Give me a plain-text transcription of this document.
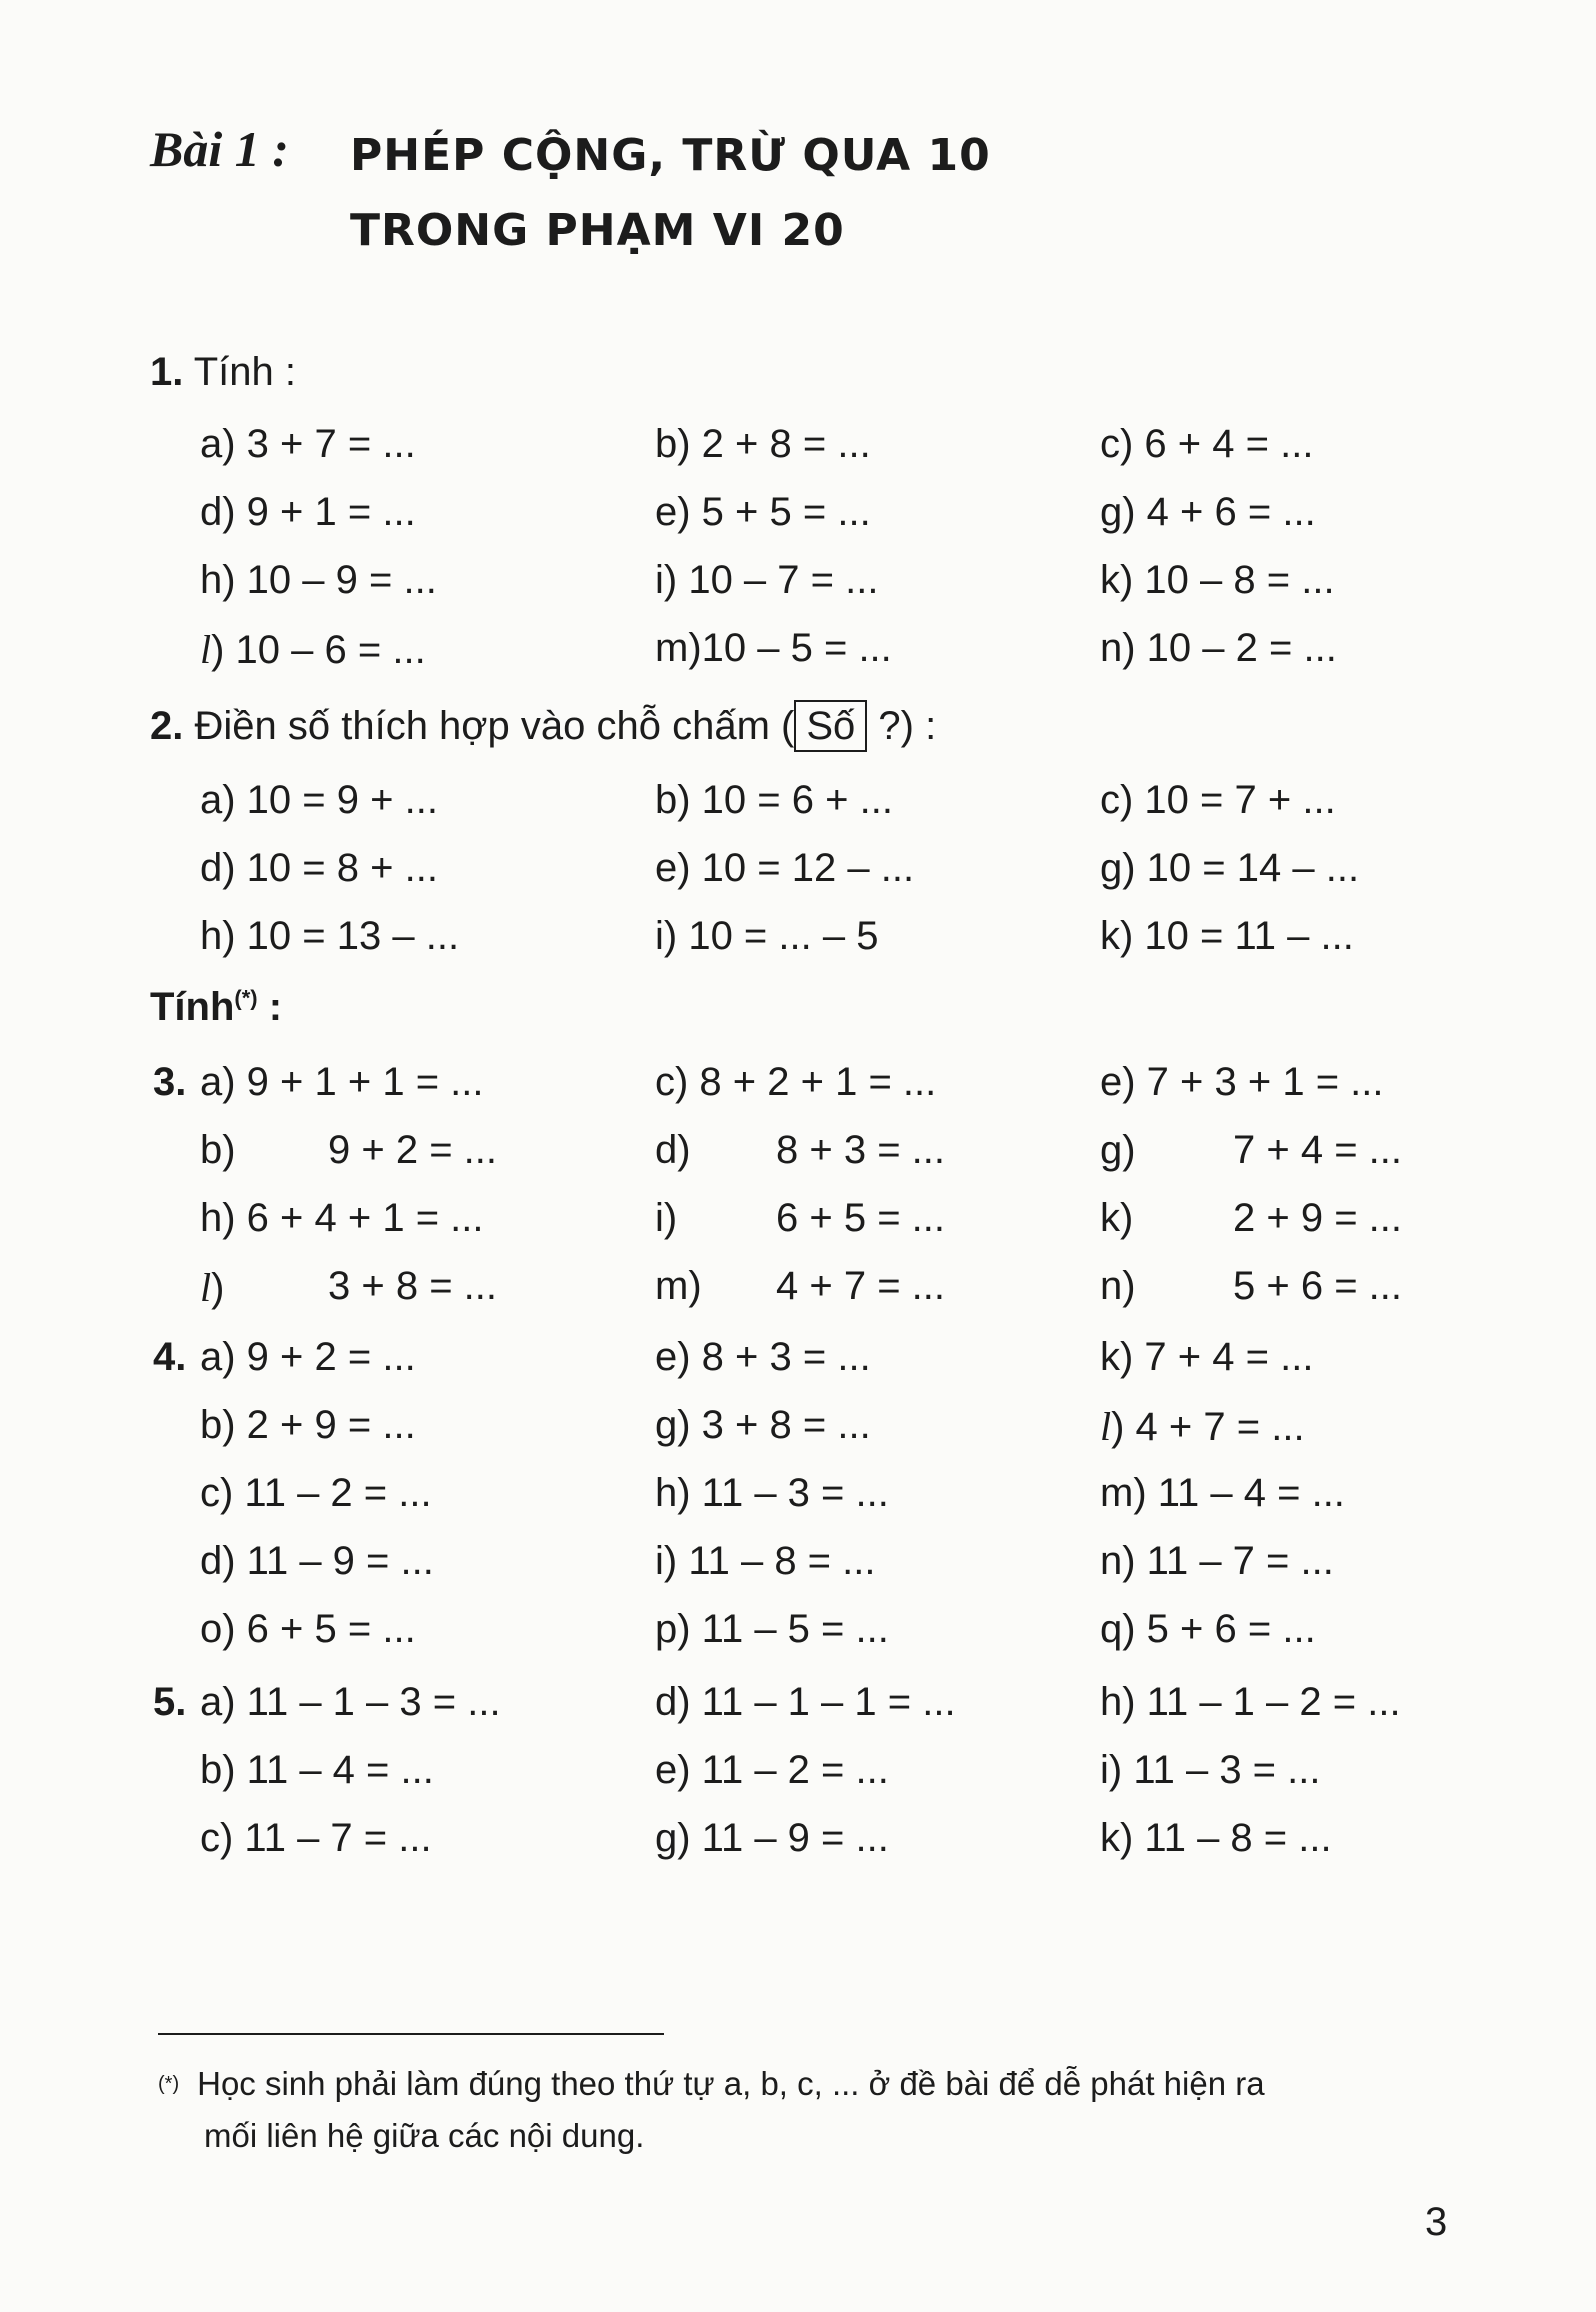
Bài 1 : PHÉP CỘNG, TRỪ QUA 10
TRONG PHẠM VI 20
1. Tính :
a) 3 + 7 = ...	b) 2 + 8 = ...	c) 6 + 4 = ...
d) 9 + 1 = ...	e) 5 + 5 = ...	g) 4 + 6 = ...
h) 10 – 9 = ...	i) 10 – 7 = ...	k) 10 – 8 = ...
l) 10 – 6 = ...	m)10 – 5 = ...	n) 10 – 2 = ...
2. Điền số thích hợp vào chỗ chấm ( Số ?) :
a) 10 = 9 + ...	b) 10 = 6 + ...	c) 10 = 7 + ...
d) 10 = 8 + ...	e) 10 = 12 – ...	g) 10 = 14 – ...
h) 10 = 13 – ...	i) 10 = ... – 5	k) 10 = 11 – ...
Tính(*) :
3. a) 9 + 1 + 1 = ...	c) 8 + 2 + 1 = ...	e) 7 + 3 + 1 = ...
b) 9 + 2 = ...	d) 8 + 3 = ...	g) 7 + 4 = ...
h) 6 + 4 + 1 = ...	i) 6 + 5 = ...	k) 2 + 9 = ...
l)	3 + 8 = ...	m) 4 + 7 = ...	n) 5 + 6 = ...
4. a) 9 + 2 = ...	e) 8 + 3 = ...	k) 7 + 4 = ...
b) 2 + 9 = ...	g) 3 + 8 = ...	l) 4 + 7 = ...
c) 11 – 2 = ...	h) 11 – 3 = ...	m) 11 – 4 = ...
d) 11 – 9 = ...	i) 11 – 8 = ...	n) 11 – 7 = ...
o) 6 + 5 = ...	p) 11 – 5 = ...	q) 5 + 6 = ...
5. a) 11 – 1 – 3 = ...	d) 11 – 1 – 1 = ...	h) 11 – 1 – 2 = ...
b) 11 – 4 = ...	e) 11 – 2 = ...	i) 11 – 3 = ...
c) 11 – 7 = ...	g) 11 – 9 = ...	k) 11 – 8 = ...
(*) Học sinh phải làm đúng theo thứ tự a, b, c, ... ở đề bài để dễ phát hiện ra
mối liên hệ giữa các nội dung.
3
